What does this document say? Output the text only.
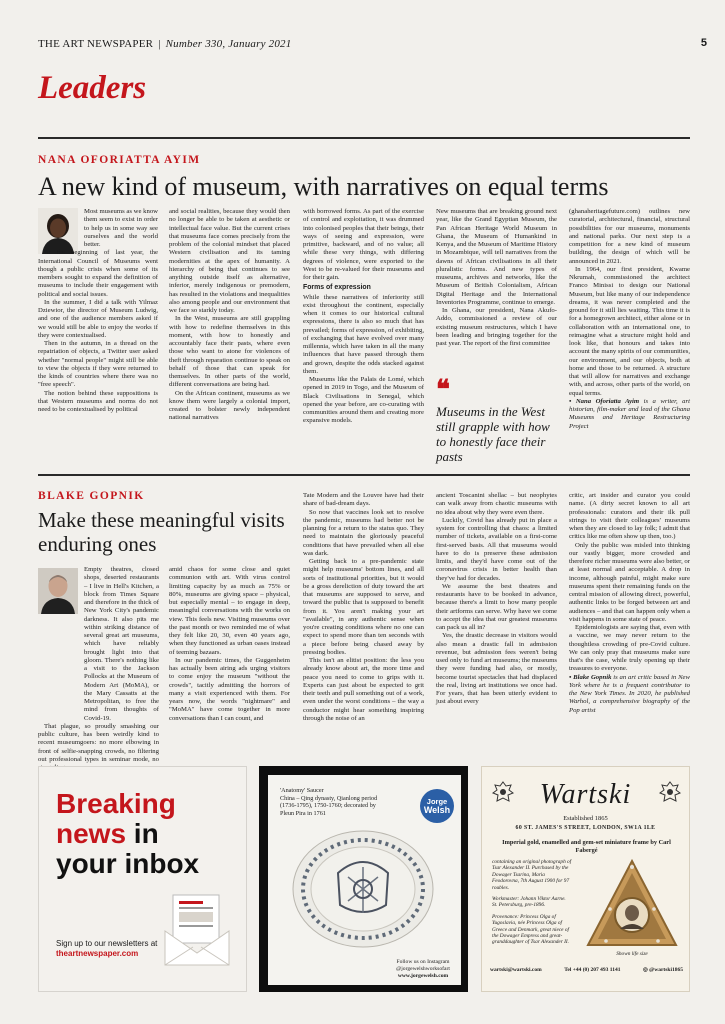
THE ART NEWSPAPER | Number 330, January 2021	5
Leaders
NANA OFORIATTA AYIM
A new kind of museum, with narratives on equal terms

Most museums as we know them seem to exist in order to help us in some way see ourselves and the world better.

At the beginning of last year, the International Council of Museums went though a public crisis when some of its members sought to expand the definition of museums to include their engagement with political and social issues.

In the summer, I did a talk with Yilmaz Dziewior, the director of Museum Ludwig, and one of the audience members asked if we would still be able to enjoy the works if they were contextualised.

Then in the autumn, in a thread on the repatriation of objects, a Twitter user asked whether "normal people" might still be able to view the objects if they were returned to the kinds of countries where there was no "free speech".

The notion behind these suppositions is that Western museums and norms do not need to be contextualised by political

and social realities, because they would then no longer be able to be taken at aesthetic or intellectual face value. But the current crises that museums face comes precisely from the problem of the colonial mindset that placed Western civilisation and its taming modernities at the apex of humanity. A hierarchy of being that continues to see anything outside itself as alternative, inferior, merely indigenous or premodern, has resulted in the violations and inequalities also among people and our environment that we face so starkly today.

In the West, museums are still grappling with how to redefine themselves in this moment, with how to honestly and accountably face their pasts, where even those who want to atone for violences of theft through reparation continue to speak on behalf of those that can speak for themselves. In other parts of the world, different conversations are being had.

On the African continent, museums as we know them were largely a colonial import, created to bolster newly independent national narratives

with borrowed forms. As part of the exercise of control and exploitation, it was drummed into colonised peoples that their beings, their ways of seeing and expression, were primitive, backward, and of no value; all while these very things, with differing degrees of violence, were exported to the West to be re-valued for their museums and for their gain.

Forms of expression

While these narratives of inferiority still exist throughout the continent, especially when it comes to our historical cultural expressions, there is also so much that has prevailed; forms of expression, of exhibiting, of exchanging that have evolved over many millennia, which have taken in all the many influences that have passed through them and grown, despite the odds stacked against them.

Museums like the Palais de Lomé, which opened in 2019 in Togo, and the Museum of Black Civilisations in Senegal, which opened the year before, are co-curating with communities around them and creating more expansive models.

New museums that are breaking ground next year, like the Grand Egyptian Museum, the Pan African Heritage World Museum in Ghana, the Museum of Humankind in Kenya, and the Museum of Maritime History in Mozambique, will tell narratives from the dawns of African civilisations in all their pluralistic forms. And new types of museums, archives and networks, like the Museum of British Colonialism, African Digital Heritage and the International Inventories Programme, continue to emerge.

In Ghana, our president, Nana Akufo-Addo, commissioned a review of our existing museum restructures, which I have been leading and bringing together for the past year. The report of the first committee

❝
Museums in the West still grapple with how to honestly face their pasts

(ghanaheritagefuture.com) outlines new curatorial, architectural, financial, structural possibilities for our museums, monuments and national parks. Our next step is a competition for a new kind of museum building, the design of which will be announced in 2021.

In 1964, our first president, Kwame Nkrumah, commissioned the architect Franco Minissi to design our National Museum, but like many of our independence dreams, it was never completed and the ground for it still lies waiting. This time it is for a homegrown architect, either alone or in collaboration with an international one, to reimagine what a structure might hold and look like, that honours and takes into account the many spirits of our communities, our environment, and our objects, both at home and those to be returned. A structure that will allow for narratives and exchange with, and across, other parts of the world, on equal terms.

• Nana Oforiatta Ayim is a writer, art historian, film-maker and lead of the Ghana Museums and Heritage Restructuring Project

BLAKE GOPNIK
Make these meaningful visits enduring ones

Empty theatres, closed shops, deserted restaurants – I live in Hell's Kitchen, a block from Times Square and therefore in the thick of New York City's pandemic darkness. It also pits me within striking distance of several great art museums, which have reliably brought light into that gloom. There's nothing like a visit to the Jackson Pollocks at the Museum of Modern Art (MoMA), or the Mary Cassatts at the Metropolitan, to free the mind from thoughts of Covid-19.

That plague, so proudly smashing our public culture, has been weirdly kind to recent museumgoers: no more elbowing in front of selfie-snapping crowds, no filtering out professional types in seminar mode, no

amid chaos for some close and quiet communion with art. With virus control limiting capacity by as much as 75% or 80%, museums are giving space – physical, but especially mental – to engage in deep, meaningful conversations with the works on view. This feels new. Visiting museums over the past month or two reminded me of what they felt like 20, 30, even 40 years ago, when they functioned as urban oases instead of teeming bazaars.

In our pandemic times, the Guggenheim has actually been airing ads urging visitors to come enjoy the museum "without the crowds", tacitly admitting the horrors of many a visit experienced with them. For years now, the words "nightmare" and "MoMA" have come together in more conversations than I can count, and

Tate Modern and the Louvre have had their share of bad-dream days.

So now that vaccines look set to resolve the pandemic, museums had better not be planning for a return to the status quo. They need to maintain the gloriously peaceful conditions that have prevailed when all else was dark.

Getting back to a pre-pandemic state might help museums' bottom lines, and all sorts of institutional priorities, but it would be a gross dereliction of duty toward the art that museums are supposed to serve, and toward the public that is supposed to benefit from it. You aren't making your art "available", in any authentic sense when you're creating conditions where no one can expect to spend more than ten seconds with a piece before being chased away by pressing bodies.

This isn't an elitist position: the less you already know about art, the more time and peace you need to come to grips with it. Experts can just about be expected to grit their teeth and pull something out of a work, even under the worst conditions – the way a conductor might hear something inspiring through the noise of an

ancient Toscanini shellac – but neophytes can walk away from chaotic museums with no idea about why they were even there.

Luckily, Covid has already put in place a system for controlling that chaos: a limited number of tickets, available on a first-come first-served basis. All that museums would have to do is preserve these admission limits, and they'd have come out of the coronavirus crisis in better health than they've had for decades.

We assume the best theatres and restaurants have to be booked in advance, because there's a limit to how many people their artforms can serve. Why have we come to accept the idea that our greatest museums can pack us all in?

Yes, the drastic decrease in visitors would also mean a drastic fall in admission revenue, but admission fees weren't being used only to fund art museums; the museums they were funding had also, or mostly, become tourist spectacles that had displaced the real, living art institutions we once had. For years, that has been utterly evident to just about every

critic, art insider and curator you could name. (A dirty secret known to all art professionals: curators and their ilk pull strings to visit their colleagues' museums when they are closed to lay folk; I admit that critics like me often show up then, too.)

Only the public was misled into thinking our vastly bigger, more crowded and therefore richer museums were also better, or at least normal and acceptable. A drop in income, although painful, might make sure museums spent their remaining funds on the central mission of allowing direct, powerful, authentic links to be forged between art and audiences – and that can happen only when a visit happens in some state of peace.

Epidemiologists are saying that, even with a vaccine, we may never return to the thoughtless crowding of pre-Covid culture. We can only pray that museums make sure that's the case, while truly opening up their treasures to everyone.

• Blake Gopnik is an art critic based in New York where he is a frequent contributor to the New York Times. In 2020, he published Warhol, a comprehensive biography of the Pop artist

Breaking
news in
your inbox
Sign up to our newsletters at
theartnewspaper.com
'Anatomy' Saucer
China – Qing dynasty, Qianlong period (1736-1795), 1750-1760; decorated by Pleun Pira in 1761
Jorge
Welsh
Follow us on Instagram
@jorgewelshworksofart
www.jorgewelsh.com
Wartski
Established 1865
60 ST. JAMES'S STREET, LONDON, SW1A 1LE
Imperial gold, enamelled and gem-set miniature frame by Carl Fabergé

containing an original photograph of Tsar Alexander II. Purchased by the Dowager Tsarina, Maria Feodorovna, 7th August 1900 for 97 roubles.

Workmaster: Johann Viktor Aarne. St. Petersburg, pre-1896.

Provenance: Princess Olga of Yugoslavia, née Princess Olga of Greece and Denmark, great niece of the Dowager Empress and great-granddaughter of Tsar Alexander II.

Shown life size
wartski@wartski.com	Tel +44 (0) 207 493 1141	◎ @wartski1865
